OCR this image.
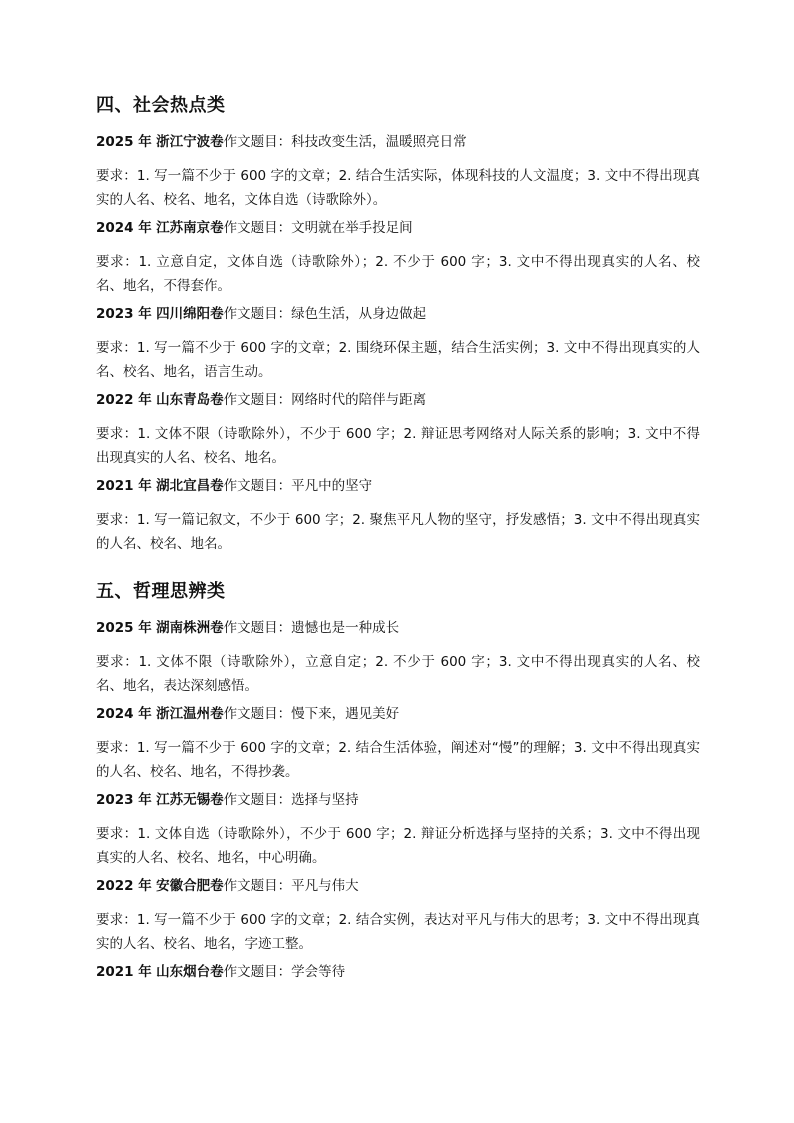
四、社会热点类
2025 年 浙江宁波卷作文题目：科技改变生活，温暖照亮日常
要求：1. 写一篇不少于 600 字的文章；2. 结合生活实际，体现科技的人文温度；3. 文中不得出现真实的人名、校名、地名，文体自选（诗歌除外）。
2024 年 江苏南京卷作文题目：文明就在举手投足间
要求：1. 立意自定，文体自选（诗歌除外）；2. 不少于 600 字；3. 文中不得出现真实的人名、校名、地名，不得套作。
2023 年 四川绵阳卷作文题目：绿色生活，从身边做起
要求：1. 写一篇不少于 600 字的文章；2. 围绕环保主题，结合生活实例；3. 文中不得出现真实的人名、校名、地名，语言生动。
2022 年 山东青岛卷作文题目：网络时代的陪伴与距离
要求：1. 文体不限（诗歌除外），不少于 600 字；2. 辩证思考网络对人际关系的影响；3. 文中不得出现真实的人名、校名、地名。
2021 年 湖北宜昌卷作文题目：平凡中的坚守
要求：1. 写一篇记叙文，不少于 600 字；2. 聚焦平凡人物的坚守，抒发感悟；3. 文中不得出现真实的人名、校名、地名。
五、哲理思辨类
2025 年 湖南株洲卷作文题目：遗憾也是一种成长
要求：1. 文体不限（诗歌除外），立意自定；2. 不少于 600 字；3. 文中不得出现真实的人名、校名、地名，表达深刻感悟。
2024 年 浙江温州卷作文题目：慢下来，遇见美好
要求：1. 写一篇不少于 600 字的文章；2. 结合生活体验，阐述对“慢”的理解；3. 文中不得出现真实的人名、校名、地名，不得抄袭。
2023 年 江苏无锡卷作文题目：选择与坚持
要求：1. 文体自选（诗歌除外），不少于 600 字；2. 辩证分析选择与坚持的关系；3. 文中不得出现真实的人名、校名、地名，中心明确。
2022 年 安徽合肥卷作文题目：平凡与伟大
要求：1. 写一篇不少于 600 字的文章；2. 结合实例，表达对平凡与伟大的思考；3. 文中不得出现真实的人名、校名、地名，字迹工整。
2021 年 山东烟台卷作文题目：学会等待
